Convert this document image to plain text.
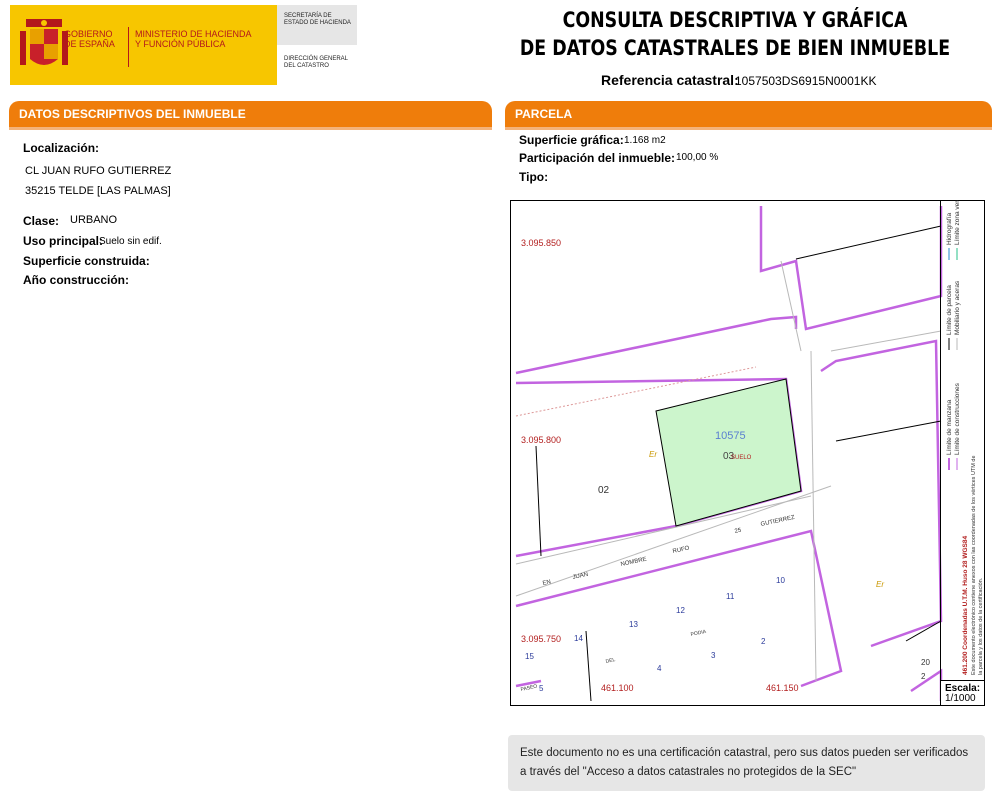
GOBIERNO DE ESPAÑA
MINISTERIO DE HACIENDA Y FUNCIÓN PÚBLICA
SECRETARÍA DE ESTADO DE HACIENDA
DIRECCIÓN GENERAL DEL CATASTRO
CONSULTA DESCRIPTIVA Y GRÁFICA
DE DATOS CATASTRALES DE BIEN INMUEBLE
Referencia catastral:
1057503DS6915N0001KK
DATOS DESCRIPTIVOS DEL INMUEBLE
Localización:
CL JUAN RUFO GUTIERREZ
35215 TELDE [LAS PALMAS]
Clase: URBANO
Uso principal:
Suelo sin edif.
Superficie construida:
Año construcción:
PARCELA
Superficie gráfica: 1.168 m2
Participación del inmueble: 100,00 %
Tipo:
3.095.850
3.095.800
3.095.750
461.100	461.150
10575
03
SUELO
02
Er
Er
EN
JUAN
NOMBRE
RUFO
25
GUTIERREZ
14
13
12
11
10
15
4
3
2
5
PODIA
DEL
PASEO
20
2
Límite de manzana
Límite de parcela
Hidrografía
Límite de construcciones
Mobiliario y aceras
Límite zona verde
461.200 Coordenadas U.T.M. Huso 28 WGS84 Este documento electrónico contiene anexos con las coordenadas de los vértices UTM de la parcela y los datos de la certificación.
Escala:
1/1000
Este documento no es una certificación catastral, pero sus datos pueden ser verificados a través del "Acceso a datos catastrales no protegidos de la SEC"
